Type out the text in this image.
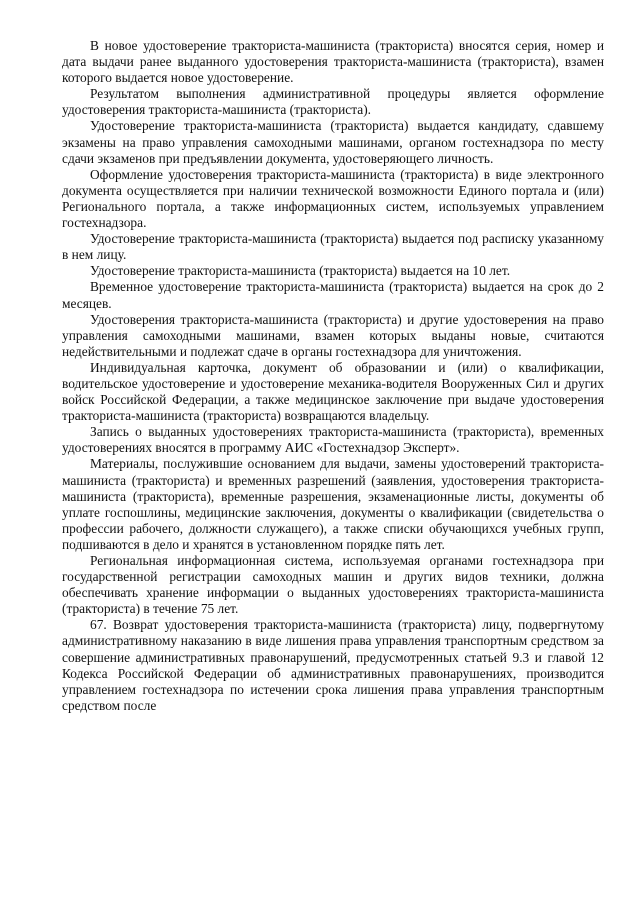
В новое удостоверение тракториста-машиниста (тракториста) вносятся серия, номер и дата выдачи ранее выданного удостоверения тракториста-машиниста (тракториста), взамен которого выдается новое удостоверение.

Результатом выполнения административной процедуры является оформление удостоверения тракториста-машиниста (тракториста).

Удостоверение тракториста-машиниста (тракториста) выдается кандидату, сдавшему экзамены на право управления самоходными машинами, органом гостехнадзора по месту сдачи экзаменов при предъявлении документа, удостоверяющего личность.

Оформление удостоверения тракториста-машиниста (тракториста) в виде электронного документа осуществляется при наличии технической возможности Единого портала и (или) Регионального портала, а также информационных систем, используемых управлением гостехнадзора.

Удостоверение тракториста-машиниста (тракториста) выдается под расписку указанному в нем лицу.

Удостоверение тракториста-машиниста (тракториста) выдается на 10 лет.

Временное удостоверение тракториста-машиниста (тракториста) выдается на срок до 2 месяцев.

Удостоверения тракториста-машиниста (тракториста) и другие удостоверения на право управления самоходными машинами, взамен которых выданы новые, считаются недействительными и подлежат сдаче в органы гостехнадзора для уничтожения.

Индивидуальная карточка, документ об образовании и (или) о квалификации, водительское удостоверение и удостоверение механика-водителя Вооруженных Сил и других войск Российской Федерации, а также медицинское заключение при выдаче удостоверения тракториста-машиниста (тракториста) возвращаются владельцу.

Запись о выданных удостоверениях тракториста-машиниста (тракториста), временных удостоверениях вносятся в программу АИС «Гостехнадзор Эксперт».

Материалы, послужившие основанием для выдачи, замены удостоверений тракториста-машиниста (тракториста) и временных разрешений (заявления, удостоверения тракториста-машиниста (тракториста), временные разрешения, экзаменационные листы, документы об уплате госпошлины, медицинские заключения, документы о квалификации (свидетельства о профессии рабочего, должности служащего), а также списки обучающихся учебных групп, подшиваются в дело и хранятся в установленном порядке пять лет.

Региональная информационная система, используемая органами гостехнадзора при государственной регистрации самоходных машин и других видов техники, должна обеспечивать хранение информации о выданных удостоверениях тракториста-машиниста (тракториста) в течение 75 лет.

67. Возврат удостоверения тракториста-машиниста (тракториста) лицу, подвергнутому административному наказанию в виде лишения права управления транспортным средством за совершение административных правонарушений, предусмотренных статьей 9.3 и главой 12 Кодекса Российской Федерации об административных правонарушениях, производится управлением гостехнадзора по истечении срока лишения права управления транспортным средством после
